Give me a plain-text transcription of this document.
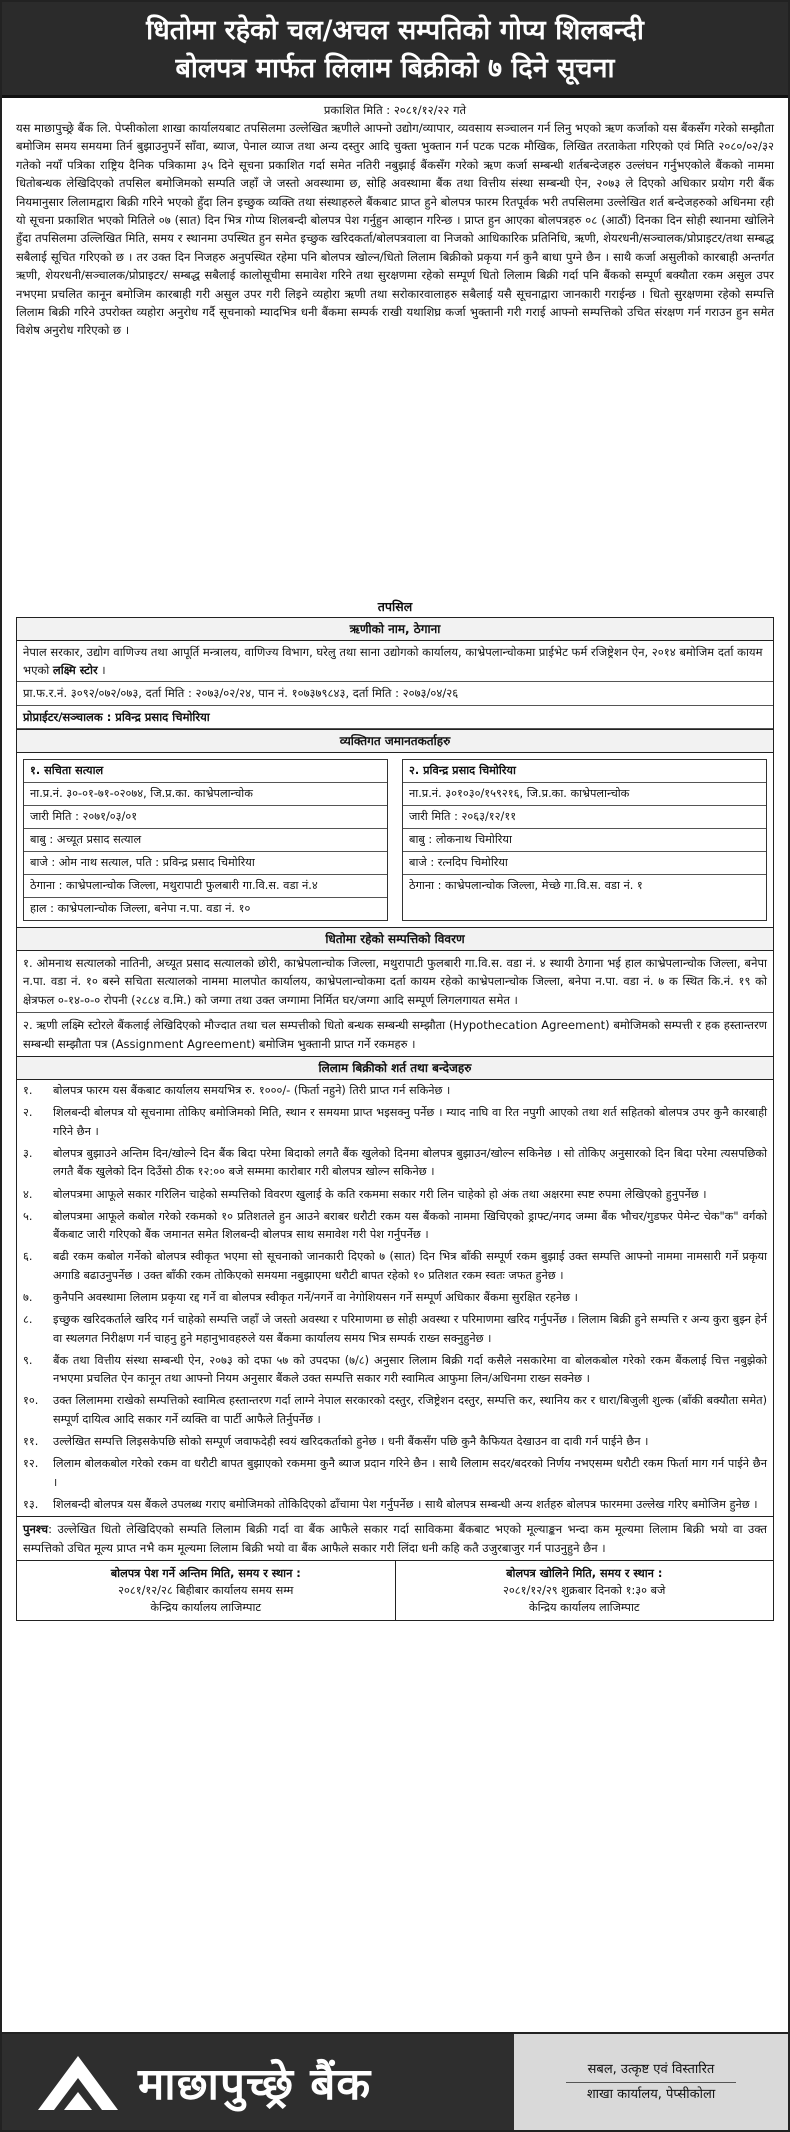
धितोमा रहेको चल/अचल सम्पतिको गोप्य शिलबन्दी
बोलपत्र मार्फत लिलाम बिक्रीको ७ दिने सूचना
प्रकाशित मिति : २०८१/१२/२२ गते
यस माछापुच्छ्रे बैंक लि. पेप्सीकोला शाखा कार्यालयबाट तपसिलमा उल्लेखित ऋणीले आफ्नो उद्योग/व्यापार, व्यवसाय सञ्चालन गर्न लिनु भएको ऋण कर्जाको यस बैंकसँग गरेको सम्झौता बमोजिम समय समयमा तिर्न बुझाउनुपर्ने साँवा, ब्याज, पेनाल व्याज तथा अन्य दस्तुर आदि चुक्ता भुक्तान गर्न पटक पटक मौखिक, लिखित तरताकेता गरिएको एवं मिति २०८०/०२/३२ गतेको नयाँ पत्रिका राष्ट्रिय दैनिक पत्रिकामा ३५ दिने सूचना प्रकाशित गर्दा समेत नतिरी नबुझाई बैंकसँग गरेको ऋण कर्जा सम्बन्धी शर्तबन्देजहरु उल्लंघन गर्नुभएकोले बैंकको नाममा धितोबन्धक लेखिदिएको तपसिल बमोजिमको सम्पति जहाँ जे जस्तो अवस्थामा छ, सोहि अवस्थामा बैंक तथा वित्तीय संस्था सम्बन्धी ऐन, २०७३ ले दिएको अधिकार प्रयोग गरी बैंक नियमानुसार लिलामद्वारा बिक्री गरिने भएको हुँदा लिन इच्छुक व्यक्ति तथा संस्थाहरुले बैंकबाट प्राप्त हुने बोलपत्र फारम रितपूर्वक भरी तपसिलमा उल्लेखित शर्त बन्देजहरुको अधिनमा रही यो सूचना प्रकाशित भएको मितिले ०७ (सात) दिन भित्र गोप्य शिलबन्दी बोलपत्र पेश गर्नुहुन आव्हान गरिन्छ । प्राप्त हुन आएका बोलपत्रहरु ०८ (आठौं) दिनका दिन सोही स्थानमा खोलिने हुँदा तपसिलमा उल्लिखित मिति, समय र स्थानमा उपस्थित हुन समेत इच्छुक खरिदकर्ता/बोलपत्रवाला वा निजको आधिकारिक प्रतिनिधि, ऋणी, शेयरधनी/सञ्चालक/प्रोप्राइटर/तथा सम्बद्ध सबैलाई सूचित गरिएको छ । तर उक्त दिन निजहरु अनुपस्थित रहेमा पनि बोलपत्र खोल्न/धितो लिलाम बिक्रीको प्रकृया गर्न कुनै बाधा पुग्ने छैन । साथै कर्जा असुलीको कारबाही अन्तर्गत ऋणी, शेयरधनी/सञ्चालक/प्रोप्राइटर/ सम्बद्ध सबैलाई कालोसूचीमा समावेश गरिने तथा सुरक्षणमा रहेको सम्पूर्ण धितो लिलाम बिक्री गर्दा पनि बैंकको सम्पूर्ण बक्यौता रकम असुल उपर नभएमा प्रचलित कानून बमोजिम कारबाही गरी असुल उपर गरी लिइने व्यहोरा ऋणी तथा सरोकारवालाहरु सबैलाई यसै सूचनाद्वारा जानकारी गराईन्छ । धितो सुरक्षणमा रहेको सम्पत्ति लिलाम बिक्री गरिने उपरोक्त व्यहोरा अनुरोध गर्दै सूचनाको म्यादभित्र धनी बैंकमा सम्पर्क राखी यथाशिघ्र कर्जा भुक्तानी गरी गराई आफ्नो सम्पत्तिको उचित संरक्षण गर्न गराउन हुन समेत विशेष अनुरोध गरिएको छ ।
तपसिल
ऋणीको नाम, ठेगाना
नेपाल सरकार, उद्योग वाणिज्य तथा आपूर्ति मन्त्रालय, वाणिज्य विभाग, घरेलु तथा साना उद्योगको कार्यालय, काभ्रेपलान्चोकमा प्राईभेट फर्म रजिष्ट्रेशन ऐन, २०१४ बमोजिम दर्ता कायम भएको लक्ष्मि स्टोर ।
प्रा.फ.र.नं. ३०९२/०७२/०७३, दर्ता मिति : २०७३/०२/२४, पान नं. १०७३७९८४३, दर्ता मिति : २०७३/०४/२६
प्रोप्राईटर/सञ्चालक : प्रविन्द्र प्रसाद चिमोरिया
व्यक्तिगत जमानतकर्ताहरु
१. सचिता सत्याल
ना.प्र.नं. ३०-०१-७१-०२०७४, जि.प्र.का. काभ्रेपलान्चोक
जारी मिति : २०७१/०३/०१
बाबु : अच्यूत प्रसाद सत्याल
बाजे : ओम नाथ सत्याल, पति : प्रविन्द्र प्रसाद चिमोरिया
ठेगाना : काभ्रेपलान्चोक जिल्ला, मथुरापाटी फुलबारी गा.वि.स. वडा नं.४
हाल : काभ्रेपलान्चोक जिल्ला, बनेपा न.पा. वडा नं. १०
२. प्रविन्द्र प्रसाद चिमोरिया
ना.प्र.नं. ३०१०३०/१५९२१६, जि.प्र.का. काभ्रेपलान्चोक
जारी मिति : २०६३/१२/११
बाबु : लोकनाथ चिमोरिया
बाजे : रत्नदिप चिमोरिया
ठेगाना : काभ्रेपलान्चोक जिल्ला, मेच्छे गा.वि.स. वडा नं. १
धितोमा रहेको सम्पत्तिको विवरण
१. ओमनाथ सत्यालको नातिनी, अच्यूत प्रसाद सत्यालको छोरी, काभ्रेपलान्चोक जिल्ला, मथुरापाटी फुलबारी गा.वि.स. वडा नं. ४ स्थायी ठेगाना भई हाल काभ्रेपलान्चोक जिल्ला, बनेपा न.पा. वडा नं. १० बस्ने सचिता सत्यालको नाममा मालपोत कार्यालय, काभ्रेपलान्चोकमा दर्ता कायम रहेको काभ्रेपलान्चोक जिल्ला, बनेपा न.पा. वडा नं. ७ क स्थित कि.नं. १९ को क्षेत्रफल ०-१४-०-० रोपनी (२८८४ व.मि.) को जग्गा तथा उक्त जग्गामा निर्मित घर/जग्गा आदि सम्पूर्ण लिगलगायत समेत ।
२. ऋणी लक्ष्मि स्टोरले बैंकलाई लेखिदिएको मौज्दात तथा चल सम्पत्तीको धितो बन्धक सम्बन्धी सम्झौता (Hypothecation Agreement) बमोजिमको सम्पत्ती र हक हस्तान्तरण सम्बन्धी सम्झौता पत्र (Assignment Agreement) बमोजिम भुक्तानी प्राप्त गर्ने रकमहरु ।
लिलाम बिक्रीको शर्त तथा बन्देजहरु
१.	बोलपत्र फारम यस बैंकबाट कार्यालय समयभित्र रु. १०००/- (फिर्ता नहुने) तिरी प्राप्त गर्न सकिनेछ ।
२.	शिलबन्दी बोलपत्र यो सूचनामा तोकिए बमोजिमको मिति, स्थान र समयमा प्राप्त भइसक्नु पर्नेछ । म्याद नाघि वा रित नपुगी आएको तथा शर्त सहितको बोलपत्र उपर कुनै कारबाही गरिने छैन ।
३.	बोलपत्र बुझाउने अन्तिम दिन/खोल्ने दिन बैंक बिदा परेमा बिदाको लगतै बैंक खुलेको दिनमा बोलपत्र बुझाउन/खोल्न सकिनेछ । सो तोकिए अनुसारको दिन बिदा परेमा त्यसपछिको लगतै बैंक खुलेको दिन दिउँसो ठीक १२:०० बजे सम्ममा कारोबार गरी बोलपत्र खोल्न सकिनेछ ।
४.	बोलपत्रमा आफूले सकार गरिलिन चाहेको सम्पत्तिको विवरण खुलाई के कति रकममा सकार गरी लिन चाहेको हो अंक तथा अक्षरमा स्पष्ट रुपमा लेखिएको हुनुपर्नेछ ।
५.	बोलपत्रमा आफूले कबोल गरेको रकमको १० प्रतिशतले हुन आउने बराबर धरौटी रकम यस बैंकको नाममा खिचिएको ड्राफ्ट/नगद जम्मा बैंक भौचर/गुडफर पेमेन्ट चेक"क" वर्गको बैंकबाट जारी गरिएको बैंक जमानत समेत शिलबन्दी बोलपत्र साथ समावेश गरी पेश गर्नुपर्नेछ ।
६.	बढी रकम कबोल गर्नेको बोलपत्र स्वीकृत भएमा सो सूचनाको जानकारी दिएको ७ (सात) दिन भित्र बाँकी सम्पूर्ण रकम बुझाई उक्त सम्पत्ति आफ्नो नाममा नामसारी गर्ने प्रकृया अगाडि बढाउनुपर्नेछ । उक्त बाँकी रकम तोकिएको समयमा नबुझाएमा धरौटी बापत रहेको १० प्रतिशत रकम स्वतः जफत हुनेछ ।
७.	कुनैपनि अवस्थामा लिलाम प्रकृया रद्द गर्ने वा बोलपत्र स्वीकृत गर्ने/नगर्ने वा नेगोशियसन गर्ने सम्पूर्ण अधिकार बैंकमा सुरक्षित रहनेछ ।
८.	इच्छुक खरिदकर्ताले खरिद गर्न चाहेको सम्पत्ति जहाँ जे जस्तो अवस्था र परिमाणमा छ सोही अवस्था र परिमाणमा खरिद गर्नुपर्नेछ । लिलाम बिक्री हुने सम्पत्ति र अन्य कुरा बुझ्न हेर्न वा स्थलगत निरीक्षण गर्न चाहनु हुने महानुभावहरुले यस बैंकमा कार्यालय समय भित्र सम्पर्क राख्न सक्नुहुनेछ ।
९.	बैंक तथा वित्तीय संस्था सम्बन्धी ऐन, २०७३ को दफा ५७ को उपदफा (७/८) अनुसार लिलाम बिक्री गर्दा कसैले नसकारेमा वा बोलकबोल गरेको रकम बैंकलाई चित्त नबुझेको नभएमा प्रचलित ऐन कानून तथा आफ्नो नियम अनुसार बैंकले उक्त सम्पत्ति सकार गरी स्वामित्व आफुमा लिन/अधिनमा राख्न सक्नेछ ।
१०.	उक्त लिलाममा राखेको सम्पत्तिको स्वामित्व हस्तान्तरण गर्दा लाग्ने नेपाल सरकारको दस्तुर, रजिष्ट्रेशन दस्तुर, सम्पत्ति कर, स्थानिय कर र धारा/बिजुली शुल्क (बाँकी बक्यौता समेत) सम्पूर्ण दायित्व आदि सकार गर्ने व्यक्ति वा पार्टी आफैले तिर्नुपर्नेछ ।
११.	उल्लेखित सम्पत्ति लिइसकेपछि सोको सम्पूर्ण जवाफदेही स्वयं खरिदकर्ताको हुनेछ । धनी बैंकसँग पछि कुनै कैफियत देखाउन वा दावी गर्न पाईने छैन ।
१२.	लिलाम बोलकबोल गरेको रकम वा धरौटी बापत बुझाएको रकममा कुनै ब्याज प्रदान गरिने छैन । साथै लिलाम सदर/बदरको निर्णय नभएसम्म धरौटी रकम फिर्ता माग गर्न पाईने छैन ।
१३.	शिलबन्दी बोलपत्र यस बैंकले उपलब्ध गराए बमोजिमको तोकिदिएको ढाँचामा पेश गर्नुपर्नेछ । साथै बोलपत्र सम्बन्धी अन्य शर्तहरु बोलपत्र फारममा उल्लेख गरिए बमोजिम हुनेछ ।
पुनश्च: उल्लेखित धितो लेखिदिएको सम्पति लिलाम बिक्री गर्दा वा बैंक आफैले सकार गर्दा साविकमा बैंकबाट भएको मूल्याङ्कन भन्दा कम मूल्यमा लिलाम बिक्री भयो वा उक्त सम्पत्तिको उचित मूल्य प्राप्त नभै कम मूल्यमा लिलाम बिक्री भयो वा बैंक आफैले सकार गरी लिंदा धनी कहि कतै उजुरबाजुर गर्न पाउनुहुने छैन ।
बोलपत्र पेश गर्ने अन्तिम मिति, समय र स्थान :
२०८१/१२/२८ बिहीबार कार्यालय समय सम्म
केन्द्रिय कार्यालय लाजिम्पाट
बोलपत्र खोलिने मिति, समय र स्थान :
२०८१/१२/२९ शुक्रबार दिनको १:३० बजे
केन्द्रिय कार्यालय लाजिम्पाट
माछापुच्छ्रे बैंक	सबल, उत्कृष्ट एवं विस्तारित
शाखा कार्यालय, पेप्सीकोला
